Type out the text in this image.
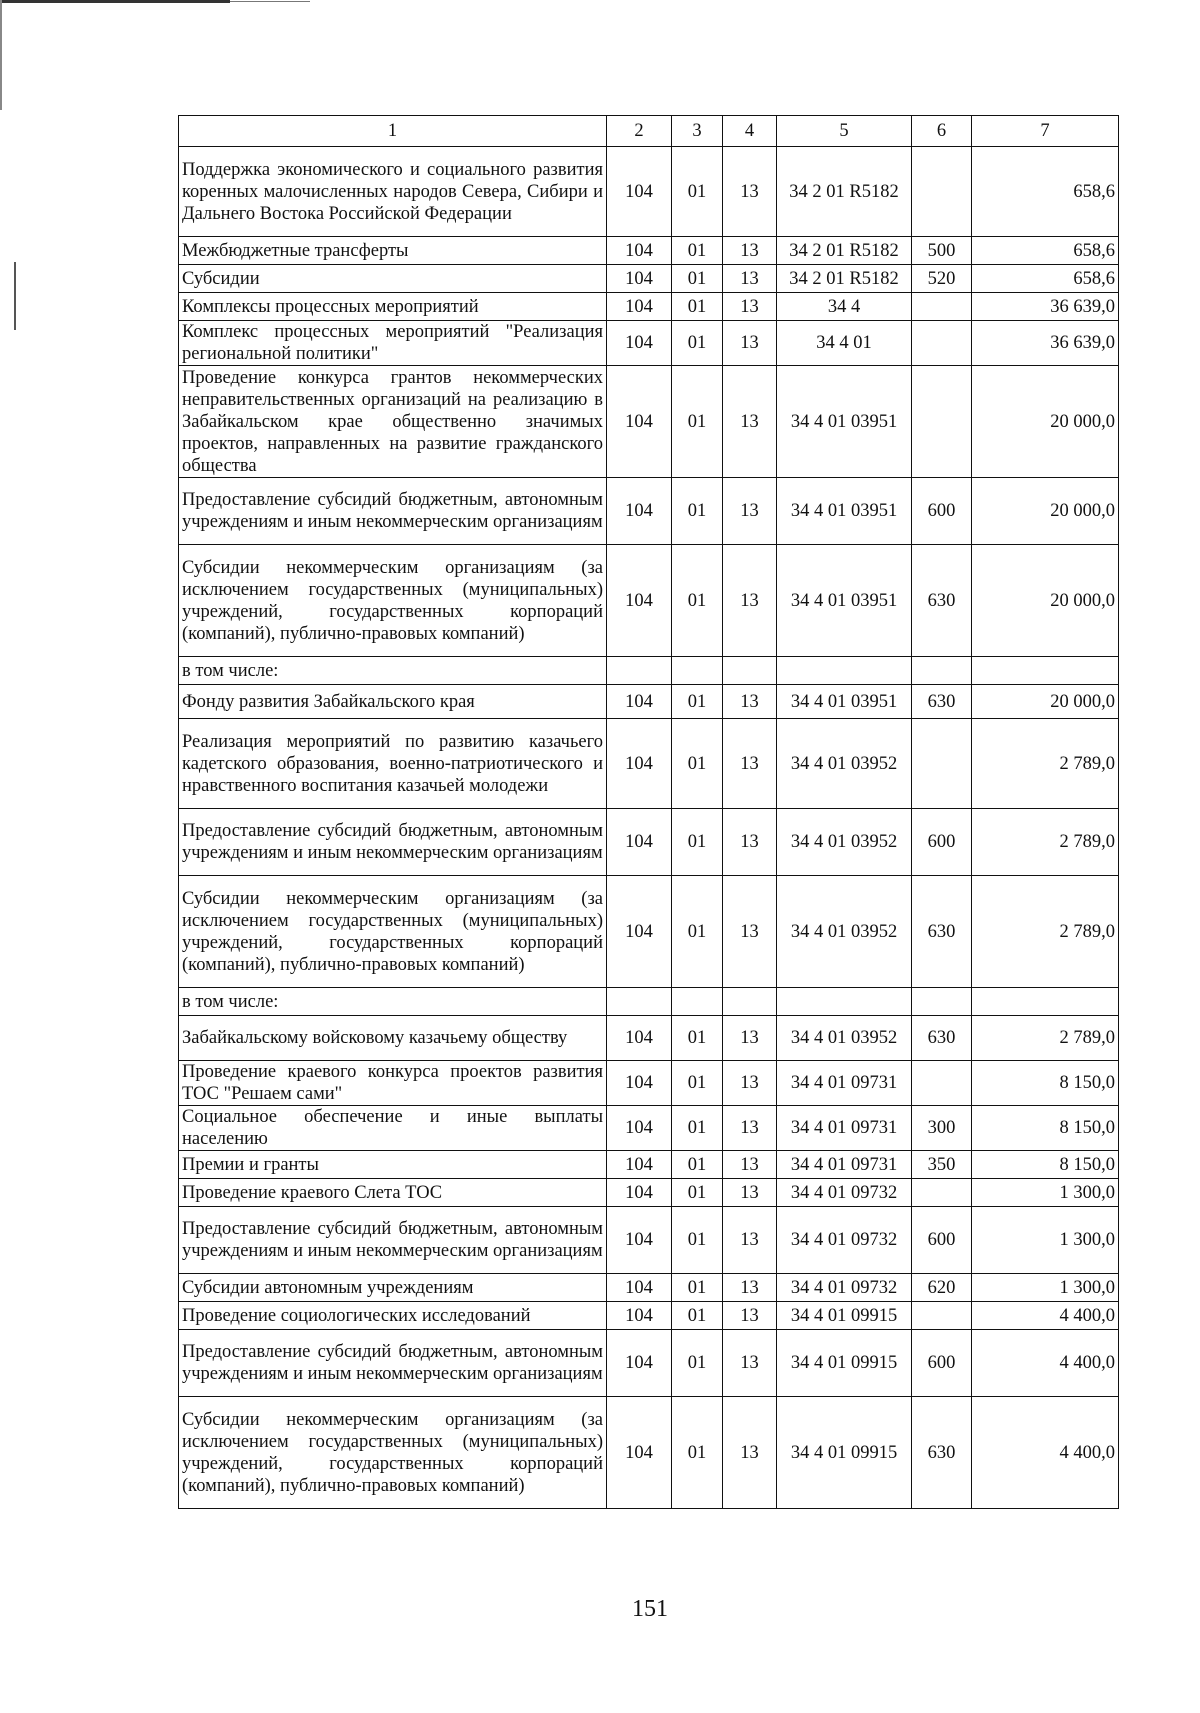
1	2	3	4	5	6	7
Поддержка экономического и социального развития коренных малочисленных народов Севера, Сибири и Дальнего Востока Российской Федерации	104	01	13	34 2 01 R5182		658,6
Межбюджетные трансферты	104	01	13	34 2 01 R5182	500	658,6
Субсидии	104	01	13	34 2 01 R5182	520	658,6
Комплексы процессных мероприятий	104	01	13	34 4		36 639,0
Комплекс процессных мероприятий "Реализация региональной политики"	104	01	13	34 4 01		36 639,0
Проведение конкурса грантов некоммерческих неправительственных организаций на реализацию в Забайкальском крае общественно значимых проектов, направленных на развитие гражданского общества	104	01	13	34 4 01 03951		20 000,0
Предоставление субсидий бюджетным, автономным учреждениям и иным некоммерческим организациям	104	01	13	34 4 01 03951	600	20 000,0
Субсидии некоммерческим организациям (за исключением государственных (муниципальных) учреждений, государственных корпораций (компаний), публично-правовых компаний)	104	01	13	34 4 01 03951	630	20 000,0
в том числе:						
Фонду развития Забайкальского края	104	01	13	34 4 01 03951	630	20 000,0
Реализация мероприятий по развитию казачьего кадетского образования, военно-патриотического и нравственного воспитания казачьей молодежи	104	01	13	34 4 01 03952		2 789,0
Предоставление субсидий бюджетным, автономным учреждениям и иным некоммерческим организациям	104	01	13	34 4 01 03952	600	2 789,0
Субсидии некоммерческим организациям (за исключением государственных (муниципальных) учреждений, государственных корпораций (компаний), публично-правовых компаний)	104	01	13	34 4 01 03952	630	2 789,0
в том числе:						
Забайкальскому войсковому казачьему обществу	104	01	13	34 4 01 03952	630	2 789,0
Проведение краевого конкурса проектов развития ТОС "Решаем сами"	104	01	13	34 4 01 09731		8 150,0
Социальное обеспечение и иные выплаты населению	104	01	13	34 4 01 09731	300	8 150,0
Премии и гранты	104	01	13	34 4 01 09731	350	8 150,0
Проведение краевого Слета ТОС	104	01	13	34 4 01 09732		1 300,0
Предоставление субсидий бюджетным, автономным учреждениям и иным некоммерческим организациям	104	01	13	34 4 01 09732	600	1 300,0
Субсидии автономным учреждениям	104	01	13	34 4 01 09732	620	1 300,0
Проведение социологических исследований	104	01	13	34 4 01 09915		4 400,0
Предоставление субсидий бюджетным, автономным учреждениям и иным некоммерческим организациям	104	01	13	34 4 01 09915	600	4 400,0
Субсидии некоммерческим организациям (за исключением государственных (муниципальных) учреждений, государственных корпораций (компаний), публично-правовых компаний)	104	01	13	34 4 01 09915	630	4 400,0
151
